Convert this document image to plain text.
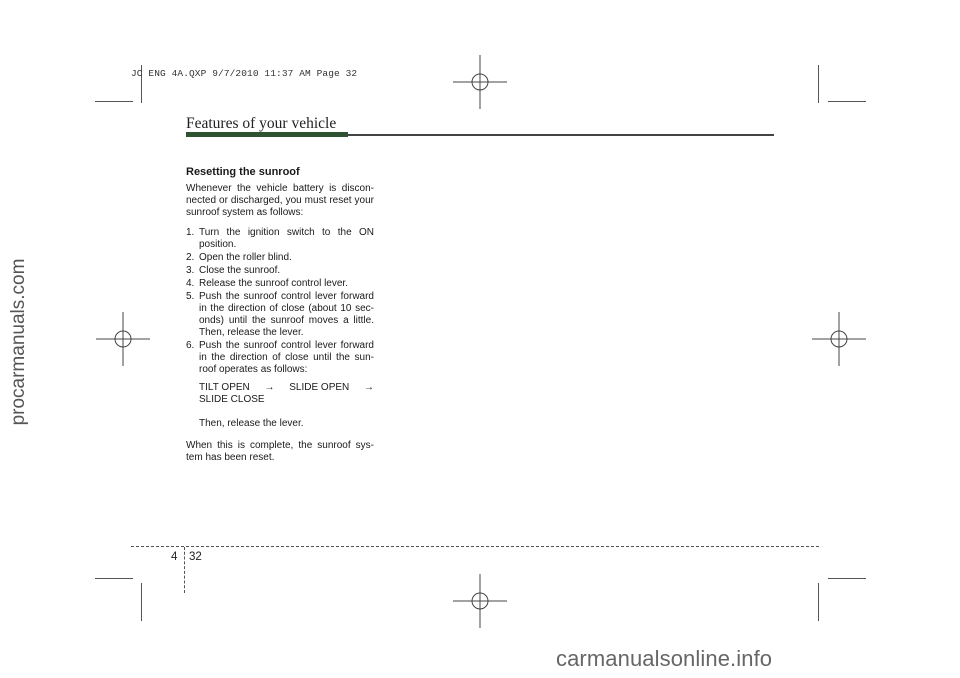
JC ENG 4A.QXP 9/7/2010 11:37 AM Page 32
procarmanuals.com
carmanualsonline.info
Features of your vehicle
Resetting the sunroof

Whenever the vehicle battery is discon-nected or discharged, you must reset your sunroof system as follows:

1. Turn the ignition switch to the ON position.
2. Open the roller blind.
3. Close the sunroof.
4. Release the sunroof control lever.
5. Push the sunroof control lever forward in the direction of close (about 10 sec-onds) until the sunroof moves a little. Then, release the lever.
6. Push the sunroof control lever forward in the direction of close until the sun-roof operates as follows:
TILT OPEN → SLIDE OPEN →
SLIDE CLOSE
Then, release the lever.

When this is complete, the sunroof sys-tem has been reset.

4 32
